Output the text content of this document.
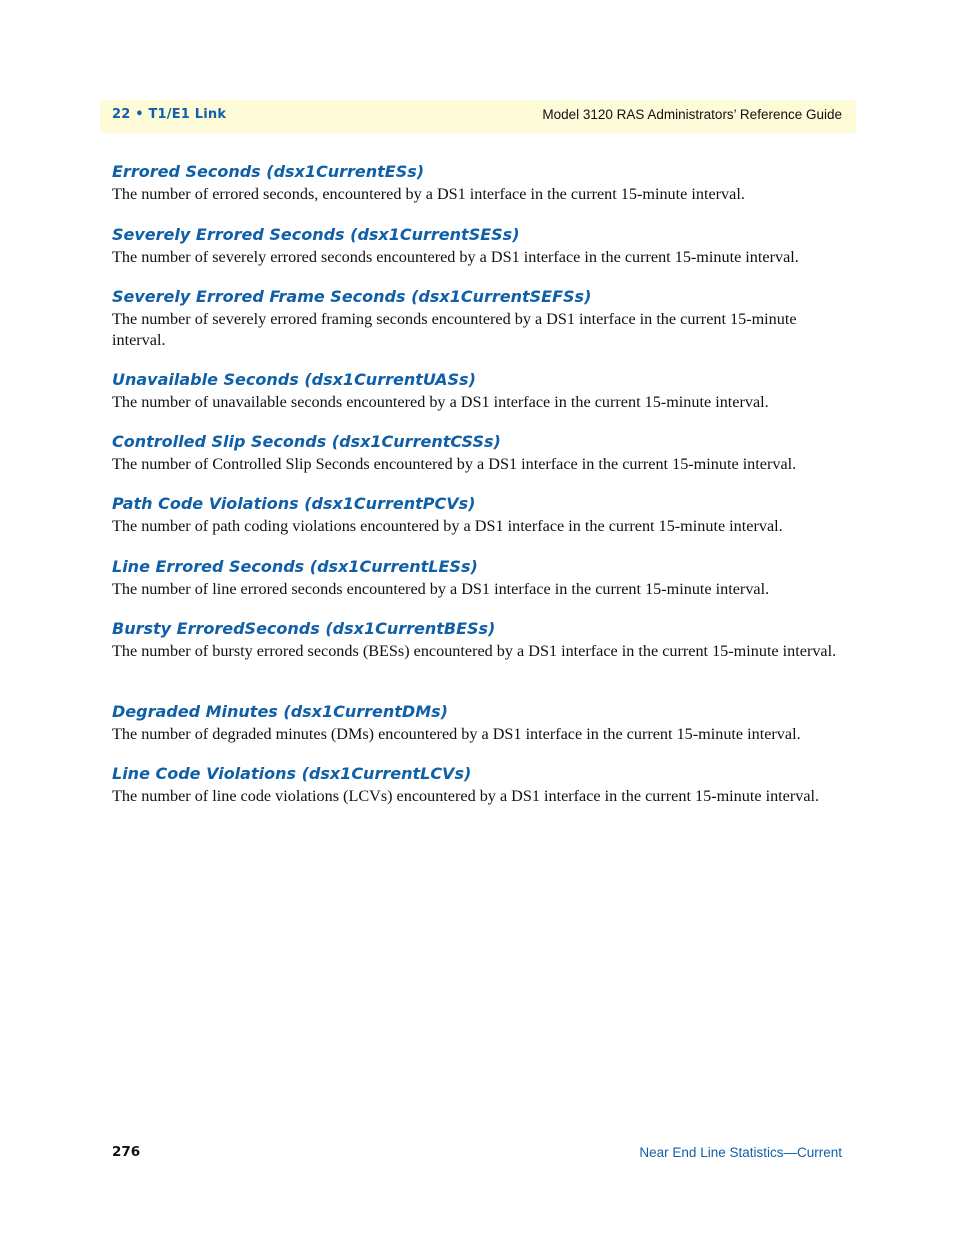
22 • T1/E1 Link	Model 3120 RAS Administrators’ Reference Guide
Errored Seconds (dsx1CurrentESs)

The number of errored seconds, encountered by a DS1 interface in the current 15-minute interval.

Severely Errored Seconds (dsx1CurrentSESs)

The number of severely errored seconds encountered by a DS1 interface in the current 15-minute interval.

Severely Errored Frame Seconds (dsx1CurrentSEFSs)

The number of severely errored framing seconds encountered by a DS1 interface in the current 15-minute interval.

Unavailable Seconds (dsx1CurrentUASs)

The number of unavailable seconds encountered by a DS1 interface in the current 15-minute interval.

Controlled Slip Seconds (dsx1CurrentCSSs)

The number of Controlled Slip Seconds encountered by a DS1 interface in the current 15-minute interval.

Path Code Violations (dsx1CurrentPCVs)

The number of path coding violations encountered by a DS1 interface in the current 15-minute interval.

Line Errored Seconds (dsx1CurrentLESs)

The number of line errored seconds encountered by a DS1 interface in the current 15-minute interval.

Bursty ErroredSeconds (dsx1CurrentBESs)

The number of bursty errored seconds (BESs) encountered by a DS1 interface in the current 15-minute interval.

Degraded Minutes (dsx1CurrentDMs)

The number of degraded minutes (DMs) encountered by a DS1 interface in the current 15-minute interval.

Line Code Violations (dsx1CurrentLCVs)

The number of line code violations (LCVs) encountered by a DS1 interface in the current 15-minute interval.

276	Near End Line Statistics—Current
